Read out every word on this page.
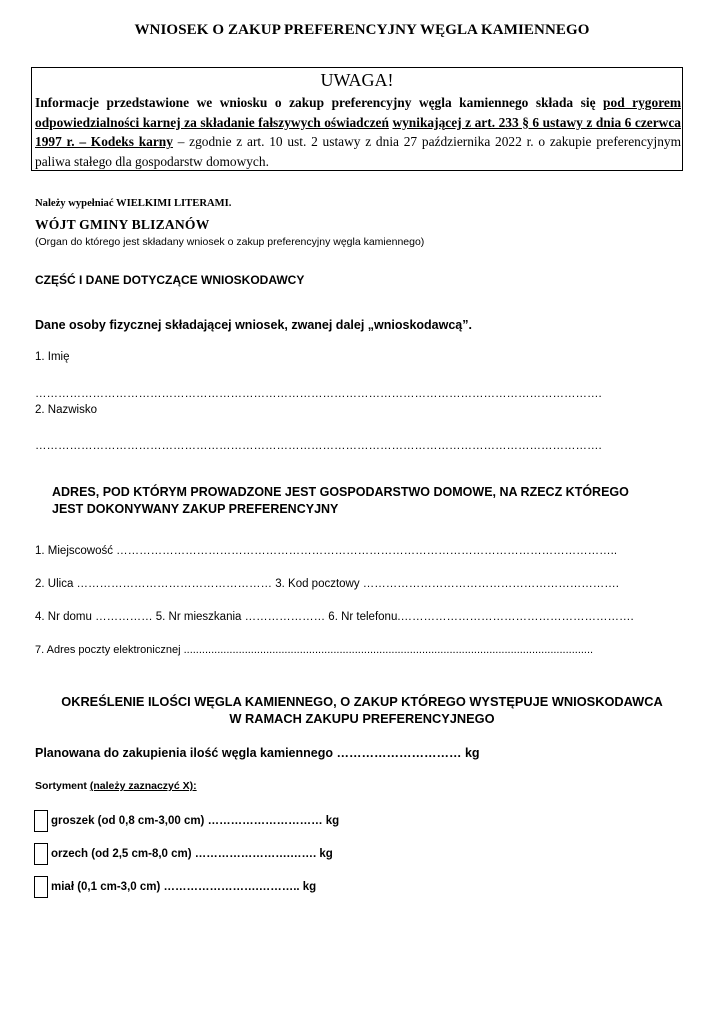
WNIOSEK O ZAKUP PREFERENCYJNY WĘGLA KAMIENNEGO
UWAGA!
Informacje przedstawione we wniosku o zakup preferencyjny węgla kamiennego składa się pod rygorem odpowiedzialności karnej za składanie fałszywych oświadczeń wynikającej z art. 233 § 6 ustawy z dnia 6 czerwca 1997 r. – Kodeks karny – zgodnie z art. 10 ust. 2 ustawy z dnia 27 października 2022 r. o zakupie preferencyjnym paliwa stałego dla gospodarstw domowych.
Należy wypełniać WIELKIMI LITERAMI.
WÓJT GMINY BLIZANÓW
(Organ do którego jest składany wniosek o zakup preferencyjny węgla kamiennego)
CZĘŚĆ I DANE DOTYCZĄCE WNIOSKODAWCY
Dane osoby fizycznej składającej wniosek, zwanej dalej „wnioskodawcą”.
1. Imię
………………………………………………………………………………………………………………………………….
2. Nazwisko
………………………………………………………………………………………………………………………………….
ADRES, POD KTÓRYM PROWADZONE JEST GOSPODARSTWO DOMOWE, NA RZECZ KTÓREGO
JEST DOKONYWANY ZAKUP PREFERENCYJNY
1. Miejscowość …………………………………………………………………………………………………………………..
2. Ulica …………………………………………… 3. Kod pocztowy ………………………………………………………….
4. Nr domu …………… 5. Nr mieszkania ………………… 6. Nr telefonu.…………………………………………………….
7. Adres poczty elektronicznej ......................................................................................................................................
OKREŚLENIE ILOŚCI WĘGLA KAMIENNEGO, O ZAKUP KTÓREGO WYSTĘPUJE WNIOSKODAWCA
W RAMACH ZAKUPU PREFERENCYJNEGO
Planowana do zakupienia ilość węgla kamiennego ………………………… kg
Sortyment (należy zaznaczyć X):
groszek (od 0,8 cm-3,00 cm) ………………………… kg
orzech (od 2,5 cm-8,0 cm) …………………….……. kg
miał (0,1 cm-3,0 cm) …………………….……….. kg
